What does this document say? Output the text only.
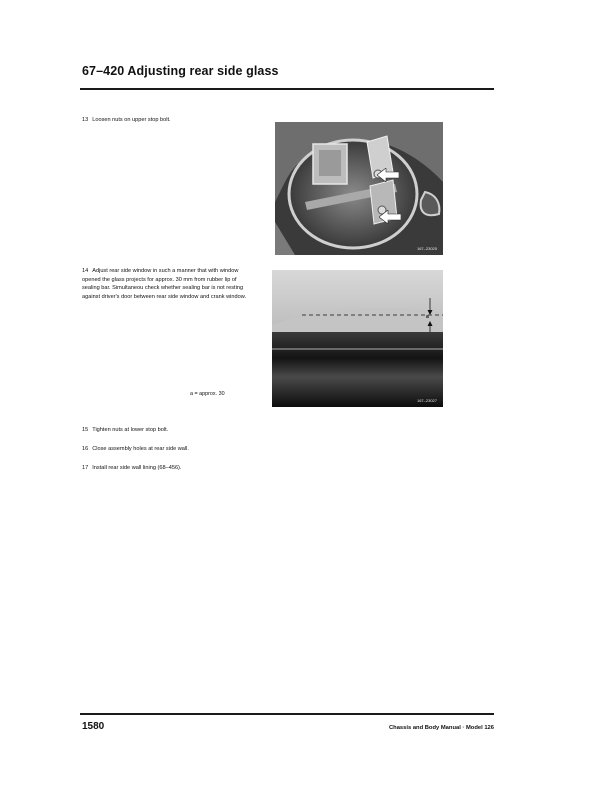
67–420 Adjusting rear side glass
13 Loosen nuts on upper stop bolt.
14 Adjust rear side window in such a manner that with window opened the glass projects for approx. 30 mm from rubber lip of sealing bar. Simultaneou check whether sealing bar is not resting against driver's door between rear side window and crank window.
15 Tighten nuts at lower stop bolt.
16 Close assembly holes at rear side wall.
17 Install rear side wall lining (68–456).
167–23025
a
167–23027
a = approx. 30
1580	Chassis and Body Manual · Model 126
